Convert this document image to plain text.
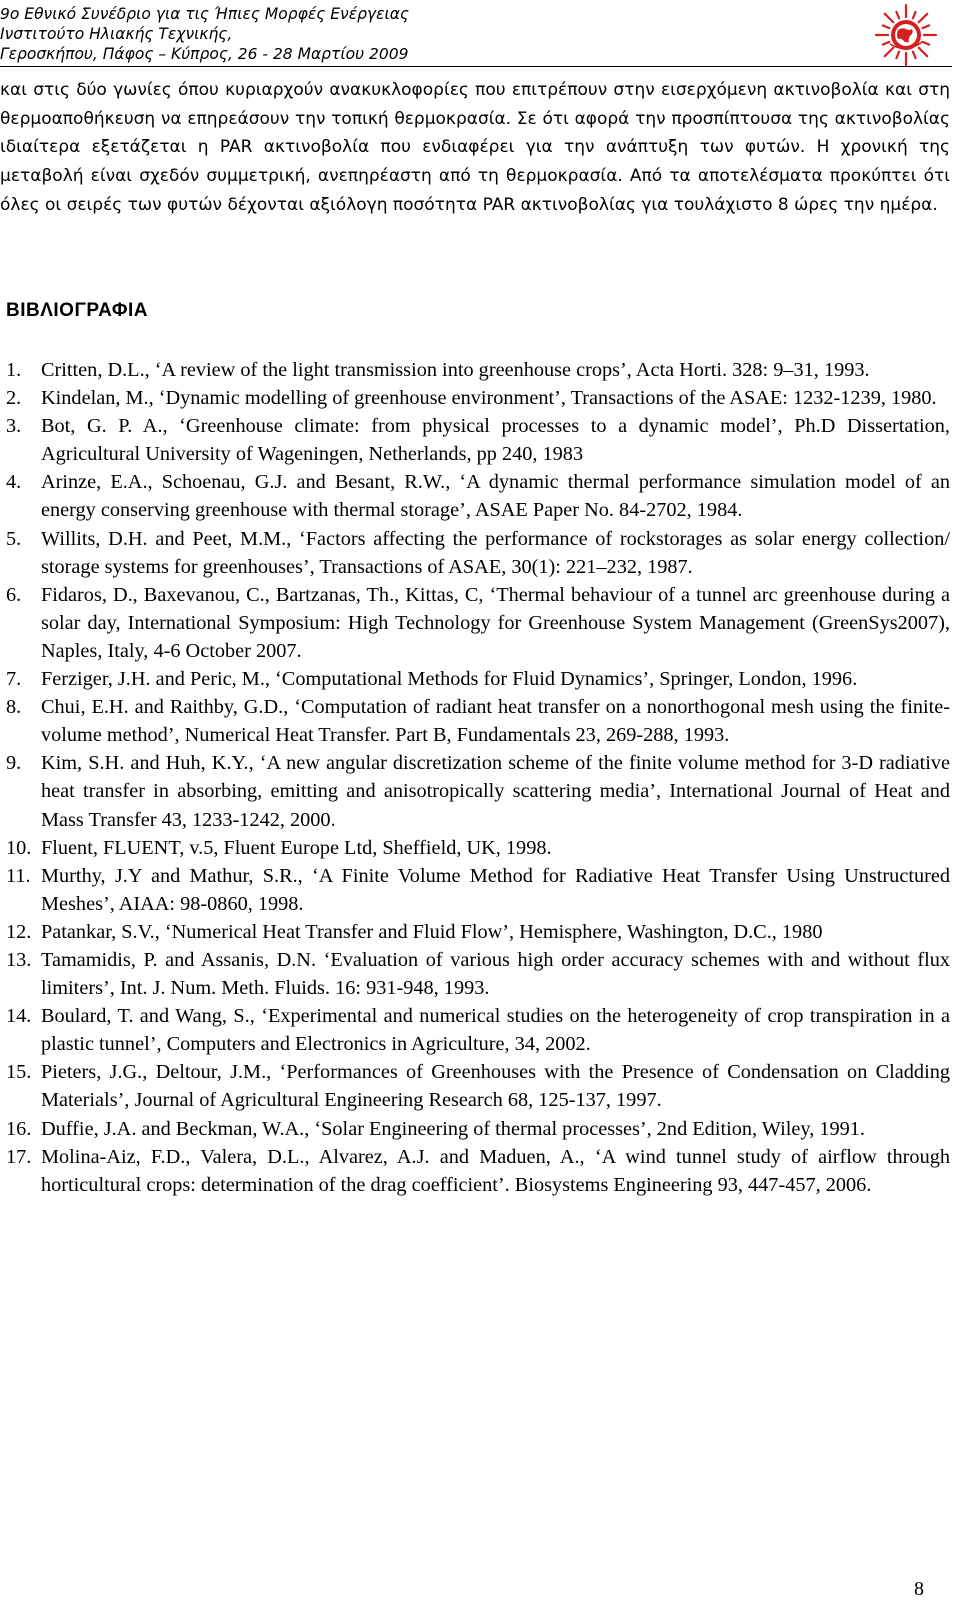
9ο Εθνικό Συνέδριο για τις Ήπιες Μορφές Ενέργειας
Ινστιτούτο Ηλιακής Τεχνικής,
Γεροσκήπου, Πάφος – Κύπρος, 26 - 28 Μαρτίου 2009

και στις δύο γωνίες όπου κυριαρχούν ανακυκλοφορίες που επιτρέπουν στην εισερχόμενη ακτινοβολία και στη θερμοαποθήκευση να επηρεάσουν την τοπική θερμοκρασία. Σε ότι αφορά την προσπίπτουσα της ακτινοβολίας ιδιαίτερα εξετάζεται η PAR ακτινοβολία που ενδιαφέρει για την ανάπτυξη των φυτών. Η χρονική της μεταβολή είναι σχεδόν συμμετρική, ανεπηρέαστη από τη θερμοκρασία. Από τα αποτελέσματα προκύπτει ότι όλες οι σειρές των φυτών δέχονται αξιόλογη ποσότητα PAR ακτινοβολίας για τουλάχιστο 8 ώρες την ημέρα.

ΒΙΒΛΙΟΓΡΑΦΙΑ
1. Critten, D.L., ‘A review of the light transmission into greenhouse crops’, Acta Horti. 328: 9–31, 1993.
2. Kindelan, M., ‘Dynamic modelling of greenhouse environment’, Transactions of the ASAE: 1232-1239, 1980.
3. Bot, G. P. A., ‘Greenhouse climate: from physical processes to a dynamic model’, Ph.D Dissertation, Agricultural University of Wageningen, Netherlands, pp 240, 1983
4. Arinze, E.A., Schoenau, G.J. and Besant, R.W., ‘A dynamic thermal performance simulation model of an energy conserving greenhouse with thermal storage’, ASAE Paper No. 84-2702, 1984.
5. Willits, D.H. and Peet, M.M., ‘Factors affecting the performance of rockstorages as solar energy collection/ storage systems for greenhouses’, Transactions of ASAE, 30(1): 221–232, 1987.
6. Fidaros, D., Baxevanou, C., Bartzanas, Th., Kittas, C, ‘Thermal behaviour of a tunnel arc greenhouse during a solar day, International Symposium: High Technology for Greenhouse System Management (GreenSys2007), Naples, Italy, 4-6 October 2007.
7. Ferziger, J.H. and Peric, M., ‘Computational Methods for Fluid Dynamics’, Springer, London, 1996.
8. Chui, E.H. and Raithby, G.D., ‘Computation of radiant heat transfer on a nonorthogonal mesh using the finite-volume method’, Numerical Heat Transfer. Part B, Fundamentals 23, 269-288, 1993.
9. Kim, S.H. and Huh, K.Y., ‘A new angular discretization scheme of the finite volume method for 3-D radiative heat transfer in absorbing, emitting and anisotropically scattering media’, International Journal of Heat and Mass Transfer 43, 1233-1242, 2000.
10. Fluent, FLUENT, v.5, Fluent Europe Ltd, Sheffield, UK, 1998.
11. Murthy, J.Y and Mathur, S.R., ‘A Finite Volume Method for Radiative Heat Transfer Using Unstructured Meshes’, AIAA: 98-0860, 1998.
12. Patankar, S.V., ‘Numerical Heat Transfer and Fluid Flow’, Hemisphere, Washington, D.C., 1980
13. Tamamidis, P. and Assanis, D.N. ‘Evaluation of various high order accuracy schemes with and without flux limiters’, Int. J. Num. Meth. Fluids. 16: 931-948, 1993.
14. Boulard, T. and Wang, S., ‘Experimental and numerical studies on the heterogeneity of crop transpiration in a plastic tunnel’, Computers and Electronics in Agriculture, 34, 2002.
15. Pieters, J.G., Deltour, J.M., ‘Performances of Greenhouses with the Presence of Condensation on Cladding Materials’, Journal of Agricultural Engineering Research 68, 125-137, 1997.
16. Duffie, J.A. and Beckman, W.A., ‘Solar Engineering of thermal processes’, 2nd Edition, Wiley, 1991.
17. Molina-Aiz, F.D., Valera, D.L., Alvarez, A.J. and Maduen, A., ‘A wind tunnel study of airflow through horticultural crops: determination of the drag coefficient’. Biosystems Engineering 93, 447-457, 2006.
8
